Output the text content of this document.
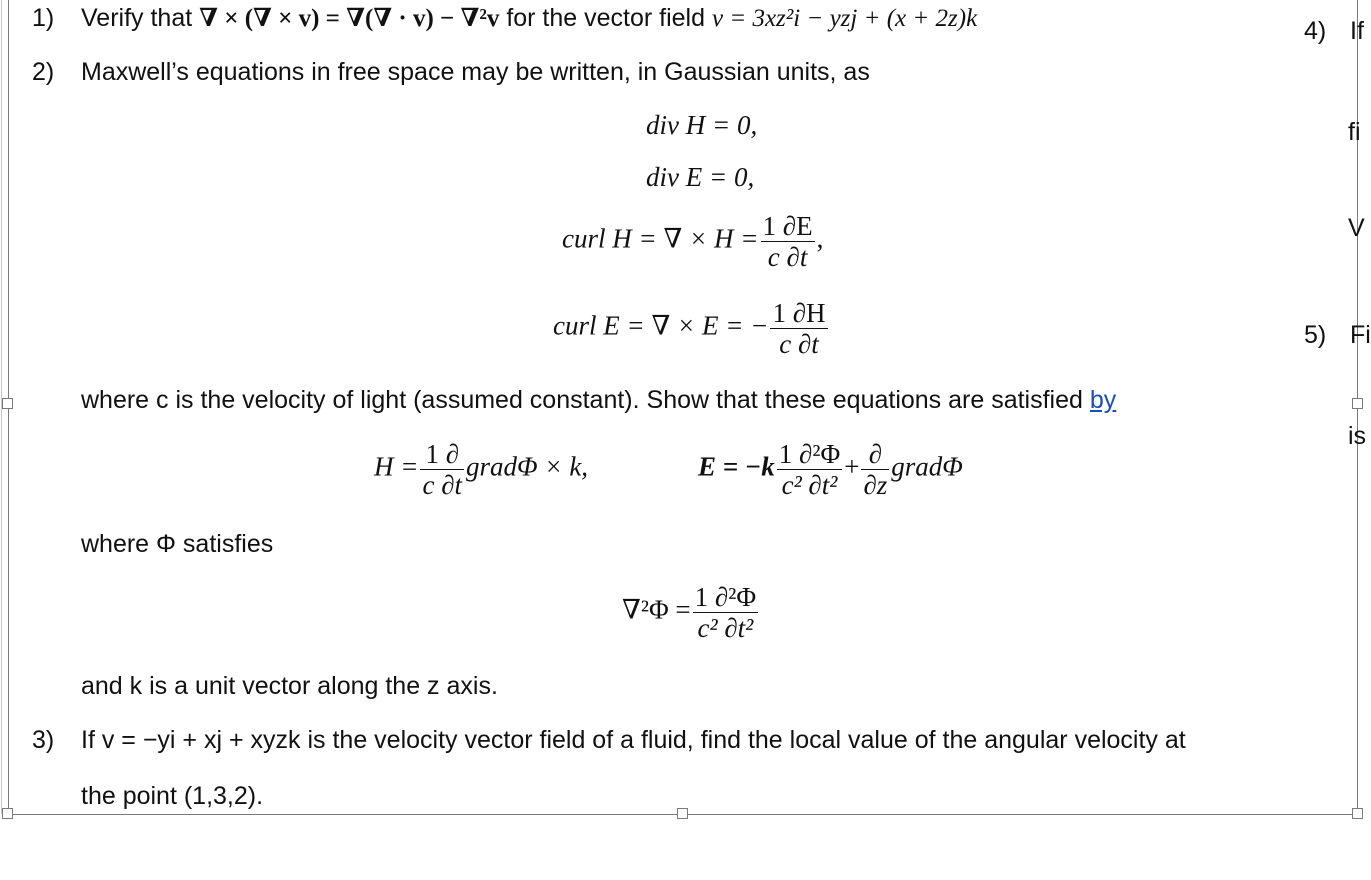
1) Verify that ∇ × (∇ × v) = ∇(∇ · v) − ∇²v for the vector field v = 3xz²i − yzj + (x + 2z)k
2) Maxwell’s equations in free space may be written, in Gaussian units, as
div H = 0,
div E = 0,
curl H = ∇ × $H = \frac{1 \partial E}{c \partial t}$ ,
curl E = ∇ × E = − $\frac{1 \partial H}{c \partial t}$
where c is the velocity of light (assumed constant). Show that these equations are satisfied by
$H = \frac{1 \partial}{c \partial t}$ gradΦ × k,	$E = -k \frac{\text{1 ∂²Φ}}{\text{c² ∂t²}} + \frac{\partial}{\partial z}$ gradΦ
where Φ satisfies
$\nabla^2\Phi = \frac{\text{1 ∂²Φ}}{\text{c² ∂t²}}$
and k is a unit vector along the z axis.
3) If v = −yi + xj + xyzk is the velocity vector field of a fluid, find the local value of the angular velocity at
the point (1,3,2).
4) If
fi
V
5) Fi
is
